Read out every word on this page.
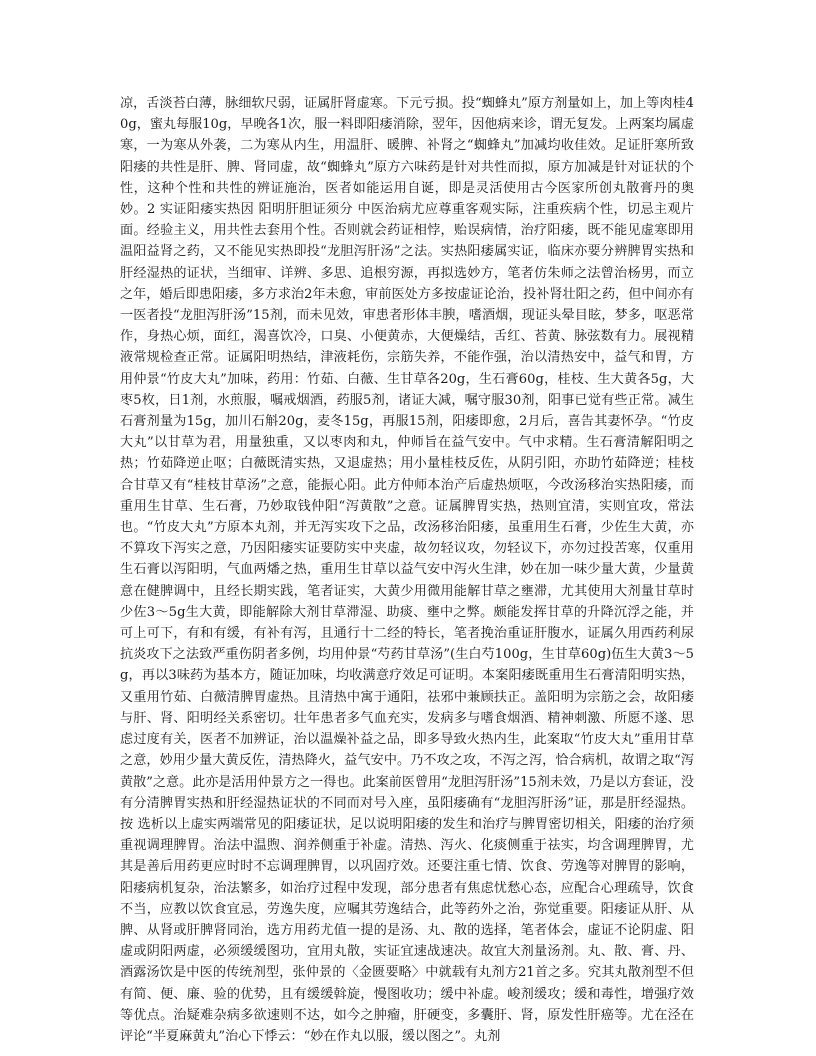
凉，舌淡苔白薄，脉细软尺弱，证属肝肾虚寒。下元亏损。投“蜘蜂丸”原方剂量如上，加上等肉桂40g，蜜丸每服10g，早晚各1次，服一料即阳痿消除，翌年，因他病来诊，谓无复发。上两案均属虚寒，一为寒从外袭，二为寒从内生，用温肝、暖脾、补肾之“蜘蜂丸”加减均收佳效。足证肝寒所致阳痿的共性是肝、脾、肾同虚，故“蜘蜂丸”原方六味药是针对共性而拟，原方加减是针对证状的个性，这种个性和共性的辨证施治，医者如能运用自诞，即是灵活使用古今医家所创丸散膏丹的奥妙。2 实证阳痿实热因 阳明肝胆证须分 中医治病尤应尊重客观实际，注重疾病个性，切忌主观片面。经验主义，用共性去套用个性。否则就会药证相悖，贻误病情，治疗阳痿，既不能见虚寒即用温阳益肾之药，又不能见实热即投“龙胆泻肝汤”之法。实热阳痿属实证，临床亦要分辨脾胃实热和肝经湿热的证状，当细审、详辨、多思、追根穷源，再拟选妙方，笔者仿朱师之法曾治杨男，而立之年，婚后即患阳痿，多方求治2年未愈，审前医处方多按虚证论治，投补肾壮阳之药，但中间亦有一医者投“龙胆泻肝汤”15剂，而未见效，审患者形体丰腴，嗜酒烟，现证头晕目眩，梦多，呕恶常作，身热心烦，面红，渴喜饮冷，口臭、小便黄赤，大便燥结，舌红、苔黄、脉弦数有力。展视精液常规检查正常。证属阳明热结，津液耗伤，宗筋失养，不能作强，治以清热安中，益气和胃，方用仲景“竹皮大丸”加味，药用：竹茹、白薇、生甘草各20g，生石膏60g，桂枝、生大黄各5g，大枣5枚，日1剂，水煎服，嘱戒烟酒，药服5剂，诸证大减，嘱守服30剂，阳事已觉有些正常。减生石膏剂量为15g，加川石斛20g，麦冬15g，再服15剂，阳痿即愈，2月后，喜告其妻怀孕。“竹皮大丸”以甘草为君，用量独重，又以枣肉和丸，仲师旨在益气安中。气中求精。生石膏清解阳明之热；竹茹降逆止呕；白薇既清实热，又退虚热；用小量桂枝反佐，从阴引阳，亦助竹茹降逆；桂枝合甘草又有“桂枝甘草汤”之意，能振心阳。此方仲师本治产后虚热烦呕，今改汤移治实热阳痿，而重用生甘草、生石膏，乃妙取钱仲阳“泻黄散”之意。证属脾胃实热，热则宜清，实则宜攻，常法也。“竹皮大丸”方原本丸剂，并无泻实攻下之品，改汤移治阳痿，虽重用生石膏，少佐生大黄，亦不算攻下泻实之意，乃因阳痿实证要防实中夹虚，故勿轻议攻，勿轻议下，亦勿过投苦寒，仅重用生石膏以泻阳明，气血两燔之热，重用生甘草以益气安中泻火生津，妙在加一味少量大黄，少量黄意在健脾调中，且经长期实践，笔者证实，大黄少用微用能解甘草之壅滞，尤其使用大剂量甘草时少佐3～5g生大黄，即能解除大剂甘草滞湿、助痰、壅中之弊。颇能发挥甘草的升降沉浮之能，并可上可下，有和有缓，有补有泻，且通行十二经的特长，笔者挽治重证肝腹水，证属久用西药利尿抗炎攻下之法致严重伤阴者多例，均用仲景“芍药甘草汤”(生白芍100g，生甘草60g)伍生大黄3～5g，再以3味药为基本方，随证加味，均收满意疗效足可证明。本案阳痿既重用生石膏清阳明实热，又重用竹茹、白薇清脾胃虚热。且清热中寓于通阳，祛邪中兼顾扶正。盖阳明为宗筋之会，故阳痿与肝、肾、阳明经关系密切。壮年患者多气血充实，发病多与嗜食烟酒、精神刺激、所愿不遂、思虑过度有关，医者不加辨证，治以温燥补益之品，即多导致火热内生，此案取“竹皮大丸”重用甘草之意，妙用少量大黄反佐，清热降火，益气安中。乃不攻之攻，不泻之泻，恰合病机，故谓之取“泻黄散”之意。此亦是活用仲景方之一得也。此案前医曾用“龙胆泻肝汤”15剂未效，乃是以方套证，没有分清脾胃实热和肝经湿热证状的不同而对号入座，虽阳痿确有“龙胆泻肝汤”证，那是肝经湿热。 按 选析以上虚实两端常见的阳痿证状，足以说明阳痿的发生和治疗与脾胃密切相关，阳痿的治疗须重视调理脾胃。治法中温煦、润养侧重于补虚。清热、泻火、化痰侧重于祛实，均含调理脾胃，尤其是善后用药更应时时不忘调理脾胃，以巩固疗效。还要注重七情、饮食、劳逸等对脾胃的影响，阳痿病机复杂，治法繁多，如治疗过程中发现，部分患者有焦虑忧愁心态，应配合心理疏导，饮食不当，应教以饮食宜忌，劳逸失度，应嘱其劳逸结合，此等药外之治，弥觉重要。阳痿证从肝、从脾、从肾或肝脾肾同治，选方用药尤值一提的是汤、丸、散的选择，笔者体会，虚证不论阴虚、阳虚或阴阳两虚，必须缓缓图功，宜用丸散，实证宜速战速决。故宜大剂量汤剂。丸、散、膏、丹、酒露汤饮是中医的传统剂型，张仲景的〈金匮要略〉中就载有丸剂方21首之多。究其丸散剂型不但有简、便、廉、验的优势，且有缓缓斡旋，慢图收功；缓中补虚。峻剂缓攻；缓和毒性，增强疗效等优点。治疑难杂病多欲速则不达，如今之肿瘤，肝硬变，多囊肝、肾，原发性肝癌等。尤在泾在评论“半夏麻黄丸”治心下悸云：“妙在作丸以服，缓以图之”。丸剂
